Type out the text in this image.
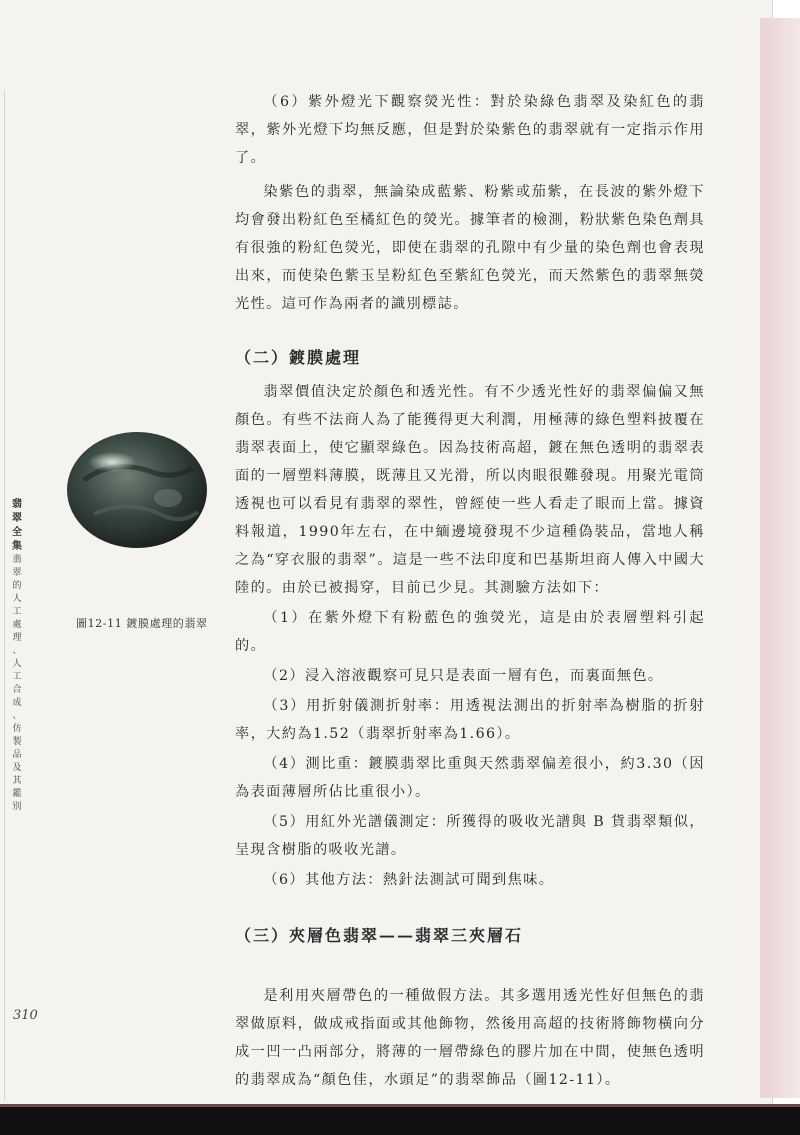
（6）紫外燈光下觀察熒光性：對於染綠色翡翠及染紅色的翡翠，紫外光燈下均無反應，但是對於染紫色的翡翠就有一定指示作用了。

染紫色的翡翠，無論染成藍紫、粉紫或茄紫，在長波的紫外燈下均會發出粉紅色至橘紅色的熒光。據筆者的檢測，粉狀紫色染色劑具有很強的粉紅色熒光，即使在翡翠的孔隙中有少量的染色劑也會表現出來，而使染色紫玉呈粉紅色至紫紅色熒光，而天然紫色的翡翠無熒光性。這可作為兩者的識別標誌。

（二）鍍膜處理

翡翠價值決定於顏色和透光性。有不少透光性好的翡翠偏偏又無顏色。有些不法商人為了能獲得更大利潤，用極薄的綠色塑料披覆在翡翠表面上，使它顯翠綠色。因為技術高超，鍍在無色透明的翡翠表面的一層塑料薄膜，既薄且又光滑，所以肉眼很難發現。用聚光電筒透視也可以看見有翡翠的翠性，曾經使一些人看走了眼而上當。據資料報道，1990年左右，在中緬邊境發現不少這種偽裝品，當地人稱之為“穿衣服的翡翠”。這是一些不法印度和巴基斯坦商人傳入中國大陸的。由於已被揭穿，目前已少見。其測驗方法如下：

（1）在紫外燈下有粉藍色的強熒光，這是由於表層塑料引起的。

（2）浸入溶液觀察可見只是表面一層有色，而裏面無色。

（3）用折射儀測折射率：用透視法測出的折射率為樹脂的折射率，大約為1.52（翡翠折射率為1.66）。

（4）測比重：鍍膜翡翠比重與天然翡翠偏差很小，約3.30（因為表面薄層所佔比重很小）。

（5）用紅外光譜儀測定：所獲得的吸收光譜與 B 貨翡翠類似，呈現含樹脂的吸收光譜。

（6）其他方法：熱針法測試可聞到焦味。

（三）夾層色翡翠——翡翠三夾層石

是利用夾層帶色的一種做假方法。其多選用透光性好但無色的翡翠做原料，做成戒指面或其他飾物，然後用高超的技術將飾物橫向分成一凹一凸兩部分，將薄的一層帶綠色的膠片加在中間，使無色透明的翡翠成為“顏色佳，水頭足”的翡翠飾品（圖12-11）。

圖12-11 鍍膜處理的翡翠
翡
翠
全
集
翡
翠
的
人
工
處
理
、
人
工
合
成
、
仿
製
品
及
其
鑑
別
310
